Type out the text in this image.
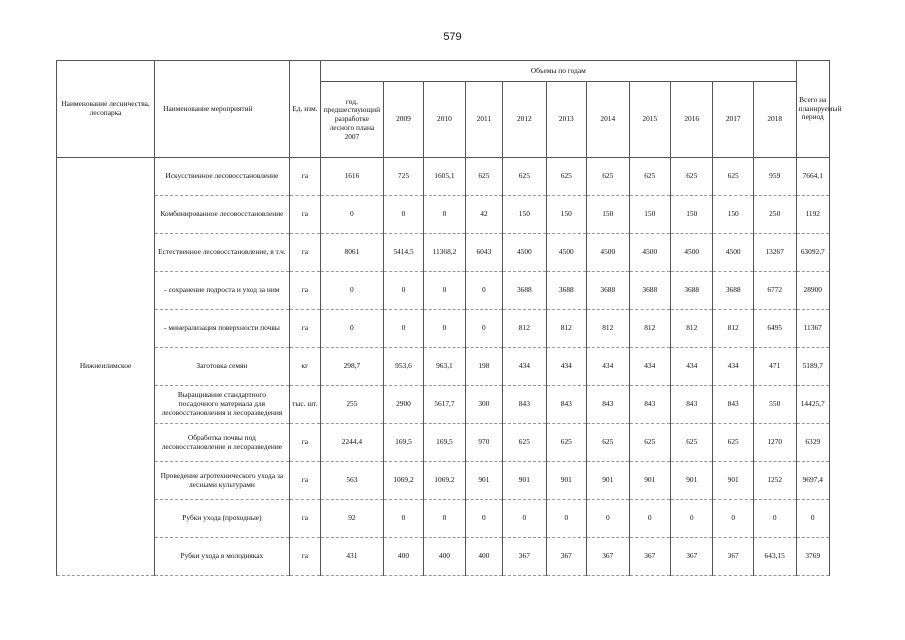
579
Наименование лесничества, лесопарка	Наименование мероприятий	Ед. изм.	Объемы по годам											Всего на планируемый период
			год, предшествующий разработке лесного плана 2007	2009	2010	2011	2012	2013	2014	2015	2016	2017	2018	
Нижнеилимское	Искусственное лесовосстановление	га	1616	725	1605,1	625	625	625	625	625	625	625	959	7664,1
	Комбинированное лесовосстановление	га	0	0	0	42	150	150	150	150	150	150	250	1192
	Естественное лесовосстановление, в т.ч.	га	8061	5414,5	11368,2	6043	4500	4500	4500	4500	4500	4500	13267	63092,7
	- сохранение подроста и уход за ним	га	0	0	0	0	3688	3688	3688	3688	3688	3688	6772	28900
	- минерализация поверхности почвы	га	0	0	0	0	812	812	812	812	812	812	6495	11367
	Заготовка семян	кг	298,7	953,6	963,1	198	434	434	434	434	434	434	471	5189,7
	Выращивание стандартного посадочного материала для лесовосстановления и лесоразведения	тыс. шт.	255	2900	5617,7	300	843	843	843	843	843	843	550	14425,7
	Обработка почвы под лесовосстановление и лесоразведение	га	2244,4	169,5	169,5	970	625	625	625	625	625	625	1270	6329
	Проведение агротехнического ухода за лесными культурами	га	563	1069,2	1069,2	901	901	901	901	901	901	901	1252	9697,4
	Рубки ухода (проходные)	га	92	0	0	0	0	0	0	0	0	0	0	0
	Рубки ухода в молодняках	га	431	400	400	400	367	367	367	367	367	367	643,15	3769
